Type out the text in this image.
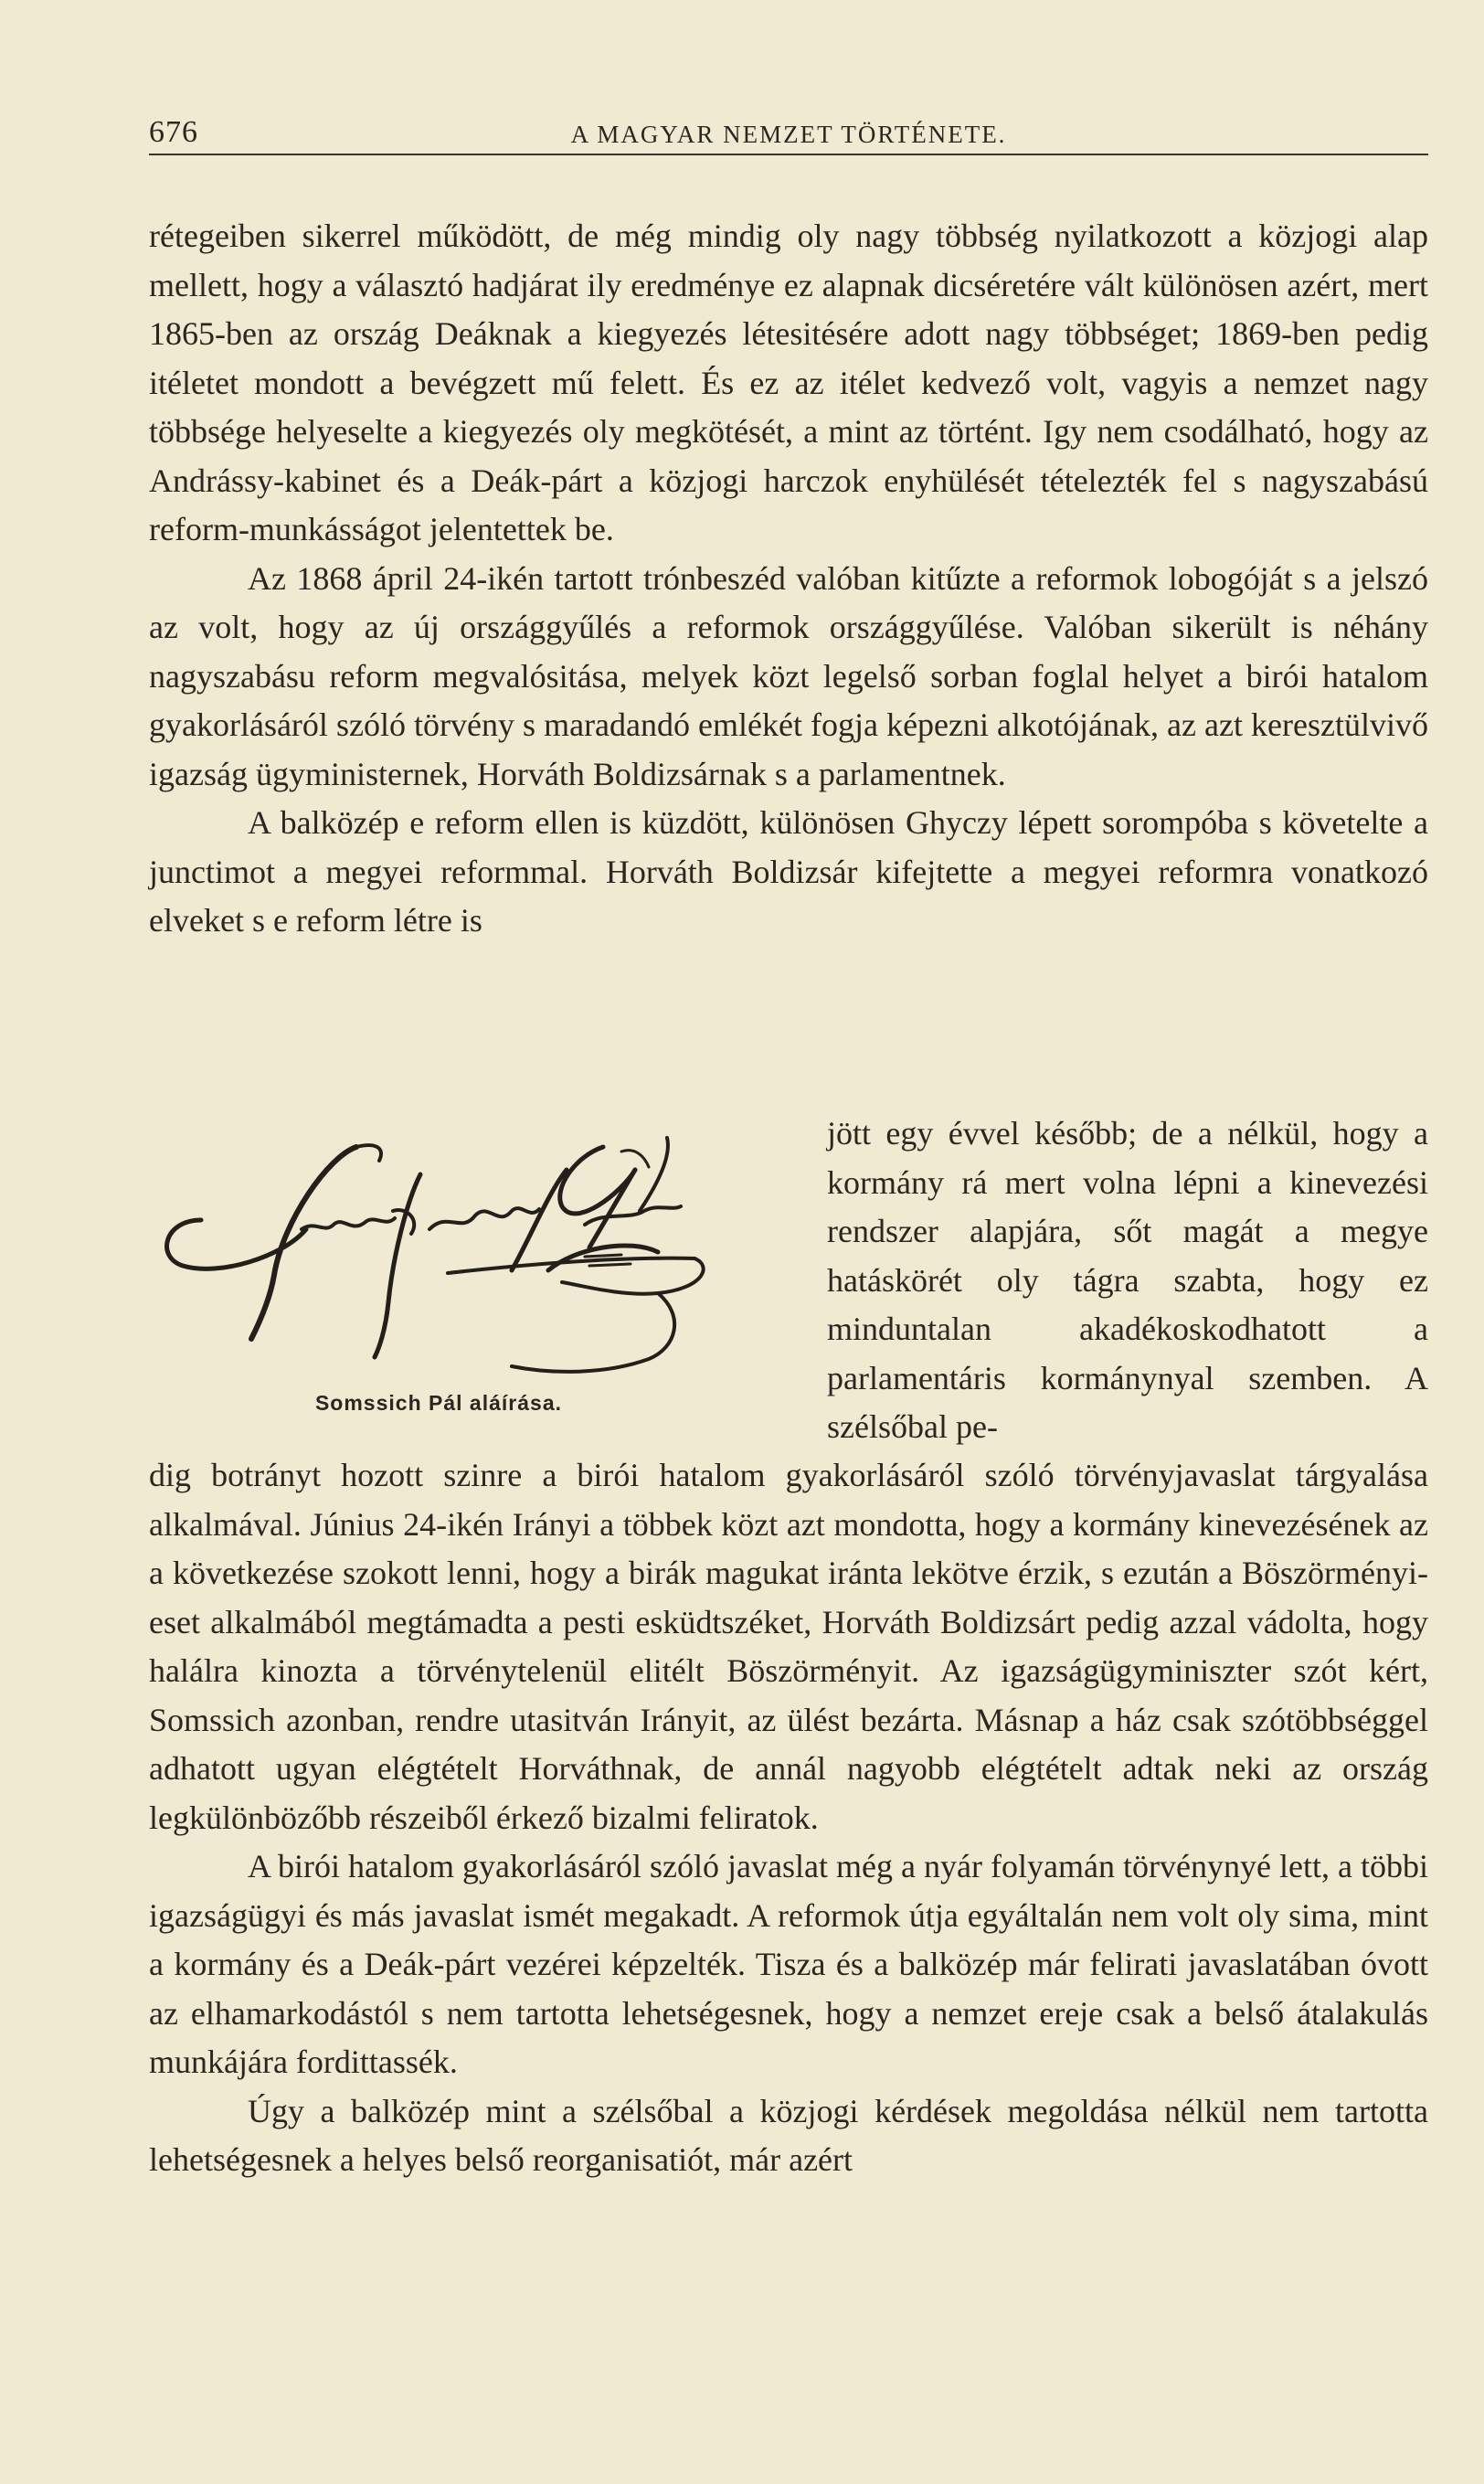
676	A MAGYAR NEMZET TÖRTÉNETE.

rétegeiben sikerrel működött, de még mindig oly nagy többség nyilatkozott a közjogi alap mellett, hogy a választó hadjárat ily eredménye ez alapnak dicséretére vált különösen azért, mert 1865-ben az ország Deáknak a kiegyezés létesitésére adott nagy többséget; 1869-ben pedig itéletet mondott a bevégzett mű felett. És ez az itélet kedvező volt, vagyis a nemzet nagy többsége helyeselte a kiegyezés oly megkötését, a mint az történt. Igy nem csodálható, hogy az Andrássy-kabinet és a Deák-párt a közjogi harczok enyhülését tételezték fel s nagyszabású reform-munkásságot jelentettek be.

Az 1868 ápril 24-ikén tartott trónbeszéd valóban kitűzte a reformok lobogóját s a jelszó az volt, hogy az új országgyűlés a reformok országgyűlése. Valóban sikerült is néhány nagyszabásu reform megvalósitása, melyek közt legelső sorban foglal helyet a birói hatalom gyakorlásáról szóló törvény s maradandó emlékét fogja képezni alkotójának, az azt keresztülvivő igazság ügyministernek, Horváth Boldizsárnak s a parlamentnek.

A balközép e reform ellen is küzdött, különösen Ghyczy lépett sorompóba s követelte a junctimot a megyei reformmal. Horváth Boldizsár kifejtette a megyei reformra vonatkozó elveket s e reform létre is

Somssich Pál aláírása.

jött egy évvel később; de a nélkül, hogy a kormány rá mert volna lépni a kinevezési rendszer alapjára, sőt magát a megye hatáskörét oly tágra szabta, hogy ez minduntalan akadékoskodhatott a parlamentáris kormánynyal szemben. A szélsőbal pe-

dig botrányt hozott szinre a birói hatalom gyakorlásáról szóló törvényjavaslat tárgyalása alkalmával. Június 24-ikén Irányi a többek közt azt mondotta, hogy a kormány kinevezésének az a következése szokott lenni, hogy a birák magukat iránta lekötve érzik, s ezután a Böszörményi-eset alkalmából megtámadta a pesti esküdtszéket, Horváth Boldizsárt pedig azzal vádolta, hogy halálra kinozta a törvénytelenül elitélt Böszörményit. Az igazságügyminiszter szót kért, Somssich azonban, rendre utasitván Irányit, az ülést bezárta. Másnap a ház csak szótöbbséggel adhatott ugyan elégtételt Horváthnak, de annál nagyobb elégtételt adtak neki az ország legkülönbözőbb részeiből érkező bizalmi feliratok.

A birói hatalom gyakorlásáról szóló javaslat még a nyár folyamán törvénynyé lett, a többi igazságügyi és más javaslat ismét megakadt. A reformok útja egyáltalán nem volt oly sima, mint a kormány és a Deák-párt vezérei képzelték. Tisza és a balközép már felirati javaslatában óvott az elhamarkodástól s nem tartotta lehetségesnek, hogy a nemzet ereje csak a belső átalakulás munkájára fordittassék.

Úgy a balközép mint a szélsőbal a közjogi kérdések megoldása nélkül nem tartotta lehetségesnek a helyes belső reorganisatiót, már azért
